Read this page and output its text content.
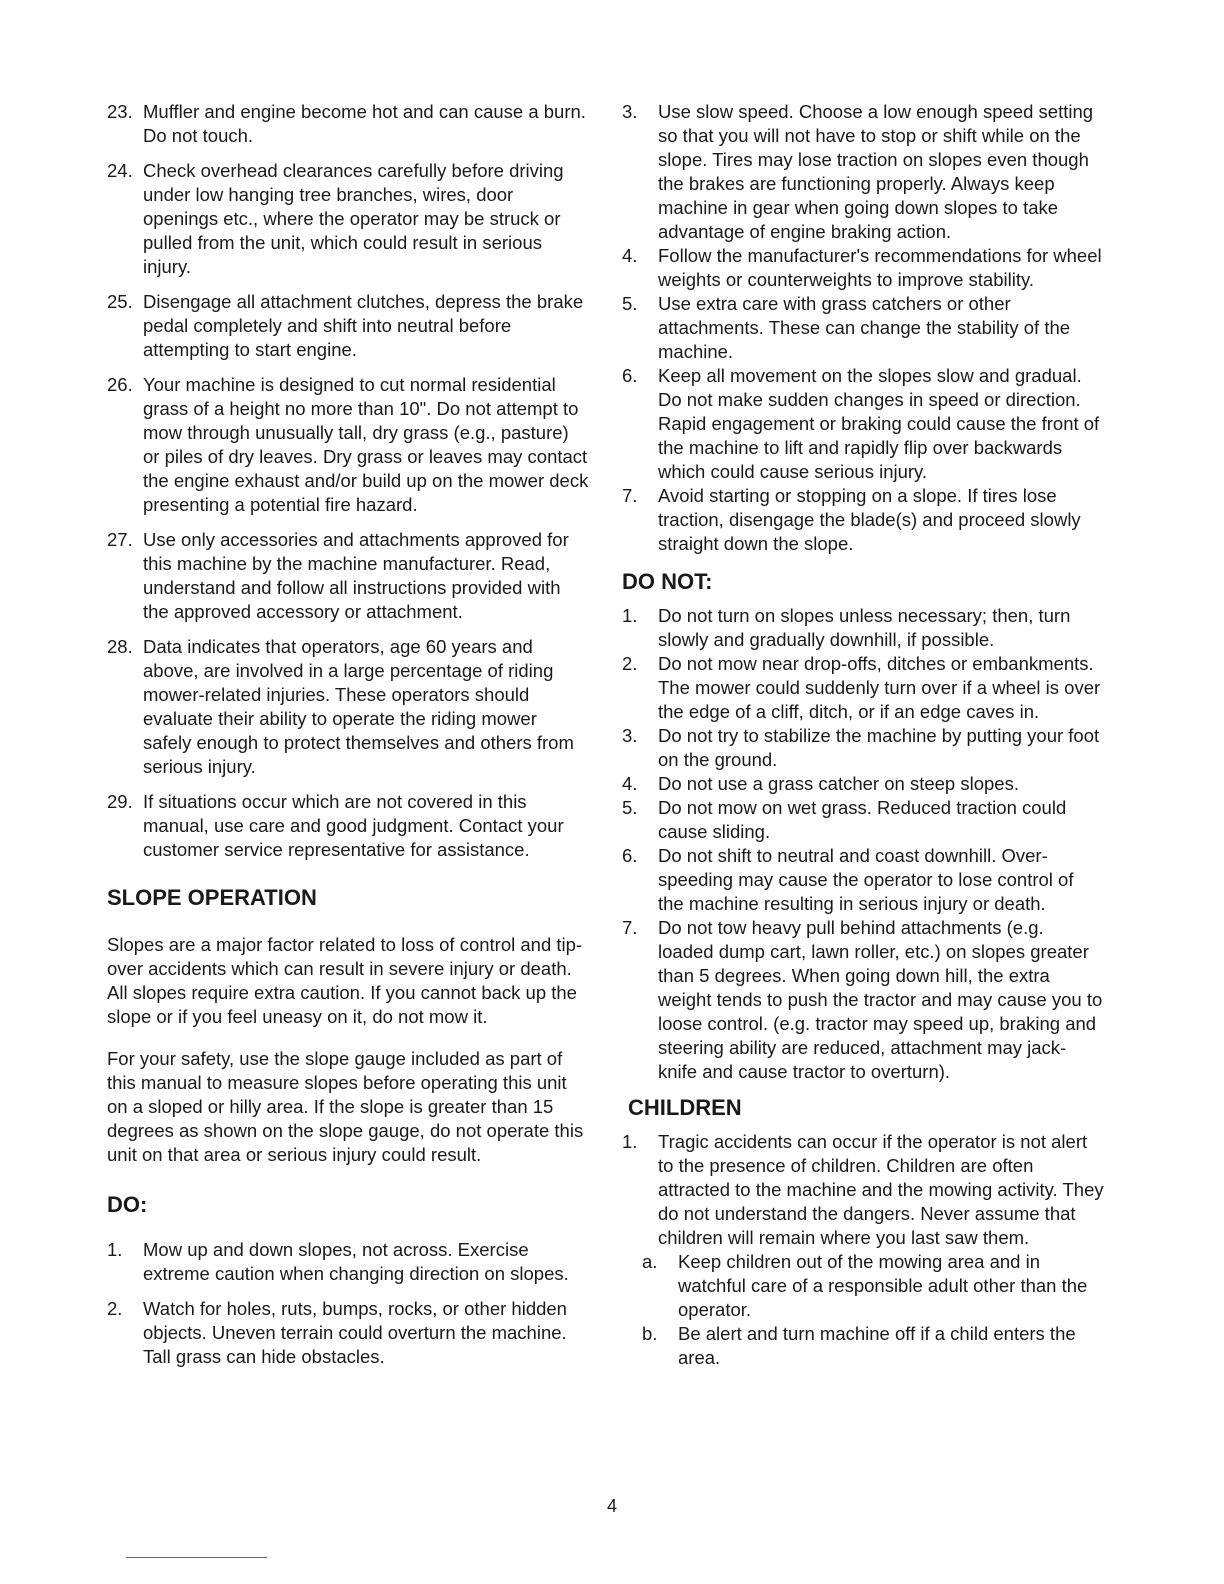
23. Muffler and engine become hot and can cause a burn. Do not touch.
24. Check overhead clearances carefully before driving under low hanging tree branches, wires, door openings etc., where the operator may be struck or pulled from the unit, which could result in serious injury.
25. Disengage all attachment clutches, depress the brake pedal completely and shift into neutral before attempting to start engine.
26. Your machine is designed to cut normal residential grass of a height no more than 10". Do not attempt to mow through unusually tall, dry grass (e.g., pasture) or piles of dry leaves. Dry grass or leaves may contact the engine exhaust and/or build up on the mower deck presenting a potential fire hazard.
27. Use only accessories and attachments approved for this machine by the machine manufacturer. Read, understand and follow all instructions provided with the approved accessory or attachment.
28. Data indicates that operators, age 60 years and above, are involved in a large percentage of riding mower-related injuries. These operators should evaluate their ability to operate the riding mower safely enough to protect themselves and others from serious injury.
29. If situations occur which are not covered in this manual, use care and good judgment. Contact your customer service representative for assistance.
SLOPE OPERATION

Slopes are a major factor related to loss of control and tip-over accidents which can result in severe injury or death. All slopes require extra caution. If you cannot back up the slope or if you feel uneasy on it, do not mow it.

For your safety, use the slope gauge included as part of this manual to measure slopes before operating this unit on a sloped or hilly area. If the slope is greater than 15 degrees as shown on the slope gauge, do not operate this unit on that area or serious injury could result.

DO:
1. Mow up and down slopes, not across. Exercise extreme caution when changing direction on slopes.
2. Watch for holes, ruts, bumps, rocks, or other hidden objects. Uneven terrain could overturn the machine. Tall grass can hide obstacles.
3. Use slow speed. Choose a low enough speed setting so that you will not have to stop or shift while on the slope. Tires may lose traction on slopes even though the brakes are functioning properly. Always keep machine in gear when going down slopes to take advantage of engine braking action.
4. Follow the manufacturer's recommendations for wheel weights or counterweights to improve stability.
5. Use extra care with grass catchers or other attachments. These can change the stability of the machine.
6. Keep all movement on the slopes slow and gradual. Do not make sudden changes in speed or direction. Rapid engagement or braking could cause the front of the machine to lift and rapidly flip over backwards which could cause serious injury.
7. Avoid starting or stopping on a slope. If tires lose traction, disengage the blade(s) and proceed slowly straight down the slope.
DO NOT:
1. Do not turn on slopes unless necessary; then, turn slowly and gradually downhill, if possible.
2. Do not mow near drop-offs, ditches or embankments. The mower could suddenly turn over if a wheel is over the edge of a cliff, ditch, or if an edge caves in.
3. Do not try to stabilize the machine by putting your foot on the ground.
4. Do not use a grass catcher on steep slopes.
5. Do not mow on wet grass. Reduced traction could cause sliding.
6. Do not shift to neutral and coast downhill. Over-speeding may cause the operator to lose control of the machine resulting in serious injury or death.
7. Do not tow heavy pull behind attachments (e.g. loaded dump cart, lawn roller, etc.) on slopes greater than 5 degrees. When going down hill, the extra weight tends to push the tractor and may cause you to loose control. (e.g. tractor may speed up, braking and steering ability are reduced, attachment may jack-knife and cause tractor to overturn).
CHILDREN
1. Tragic accidents can occur if the operator is not alert to the presence of children. Children are often attracted to the machine and the mowing activity. They do not understand the dangers. Never assume that children will remain where you last saw them.
a. Keep children out of the mowing area and in watchful care of a responsible adult other than the operator.
b. Be alert and turn machine off if a child enters the area.
4
